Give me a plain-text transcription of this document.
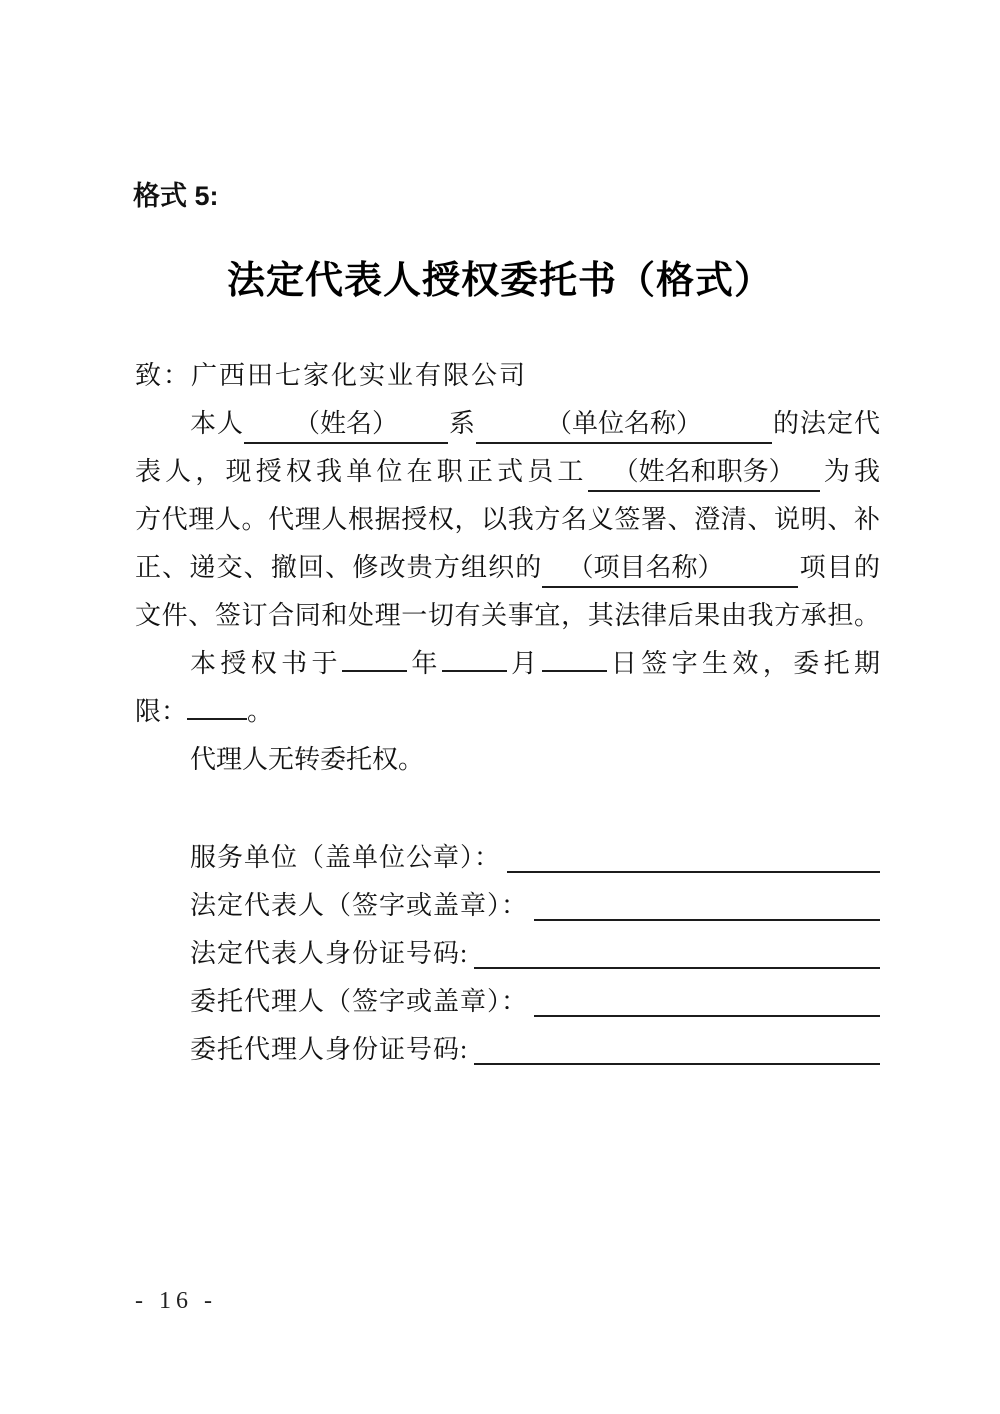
格式 5:
法定代表人授权委托书（格式）
致：广西田七家化实业有限公司
本人 （姓名） 系	（单位名称）	的法定代
表人，现授权我单位在职正式员工 （姓名和职务） 为我
方代理人。代理人根据授权，以我方名义签署、澄清、说明、补
正、递交、撤回、修改贵方组织的 （项目名称）	项目的
文件、签订合同和处理一切有关事宜，其法律后果由我方承担。
本授权书于	年	月	日签字生效，委托期
限： 。
代理人无转委托权。
服务单位（盖单位公章）：
法定代表人（签字或盖章）：
法定代表人身份证号码:
委托代理人（签字或盖章）：
委托代理人身份证号码:
- 16 -
